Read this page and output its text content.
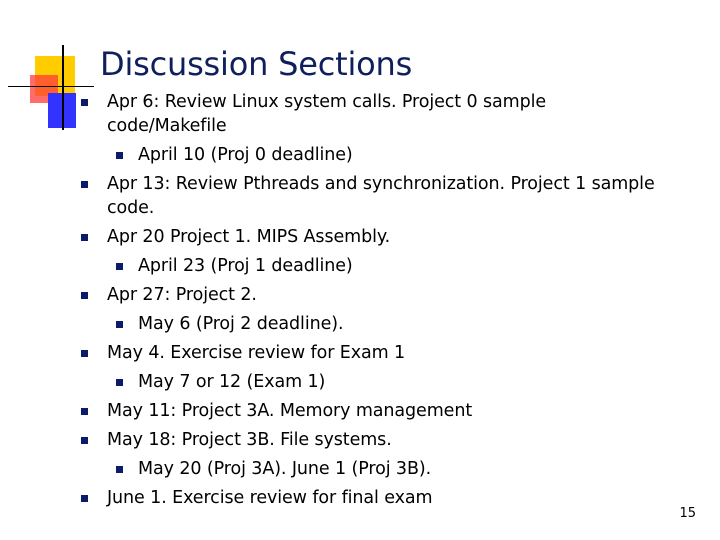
Discussion Sections
Apr 6: Review Linux system calls. Project 0 sample
code/Makefile
April 10 (Proj 0 deadline)
Apr 13: Review Pthreads and synchronization. Project 1 sample
code.
Apr 20 Project 1. MIPS Assembly.
April 23 (Proj 1 deadline)
Apr 27: Project 2.
May 6 (Proj 2 deadline).
May 4. Exercise review for Exam 1
May 7 or 12 (Exam 1)
May 11: Project 3A. Memory management
May 18: Project 3B. File systems.
May 20 (Proj 3A). June 1 (Proj 3B).
June 1. Exercise review for final exam
15
